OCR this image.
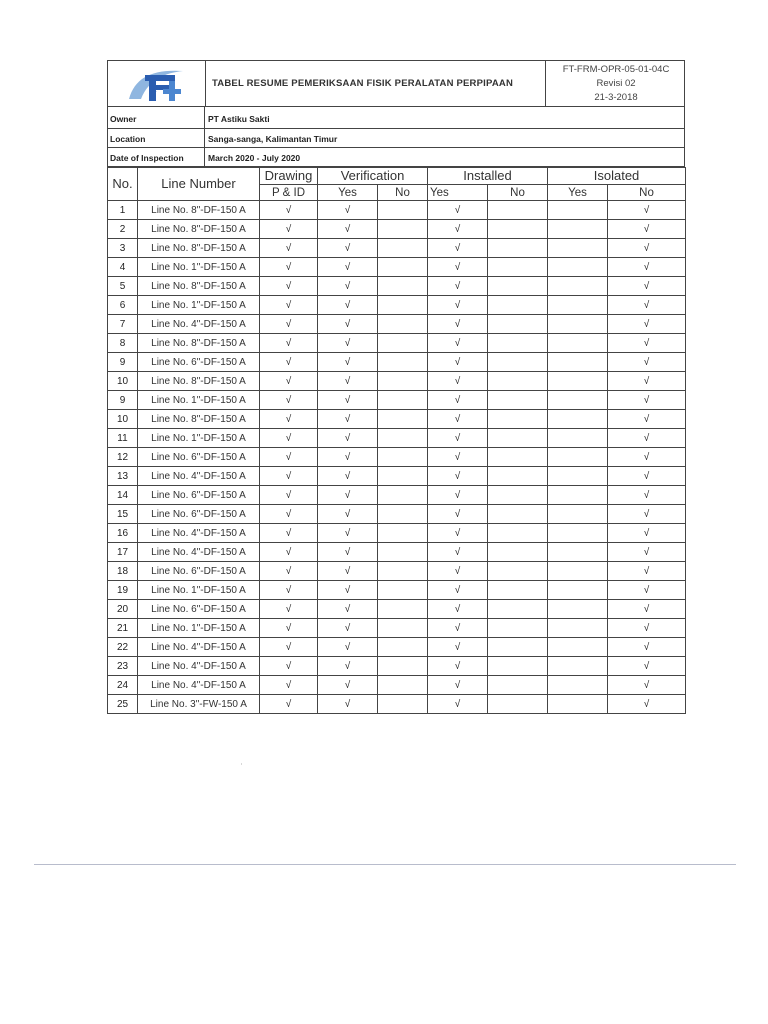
Ft
TABEL RESUME PEMERIKSAAN FISIK PERALATAN PERPIPAAN
FT-FRM-OPR-05-01-04C
Revisi 02
21-3-2018
Owner	PT Astiku Sakti
Location	Sanga-sanga, Kalimantan Timur
Date of Inspection	March 2020 - July 2020
No.	Line Number	Drawing	Verification		Installed		Isolated	
		P & ID	Yes	No	Yes	No	Yes	No
1	Line No. 8"-DF-150 A	√	√		√			√
2	Line No. 8"-DF-150 A	√	√		√			√
3	Line No. 8"-DF-150 A	√	√		√			√
4	Line No. 1"-DF-150 A	√	√		√			√
5	Line No. 8"-DF-150 A	√	√		√			√
6	Line No. 1"-DF-150 A	√	√		√			√
7	Line No. 4"-DF-150 A	√	√		√			√
8	Line No. 8"-DF-150 A	√	√		√			√
9	Line No. 6"-DF-150 A	√	√		√			√
10	Line No. 8"-DF-150 A	√	√		√			√
9	Line No. 1"-DF-150 A	√	√		√			√
10	Line No. 8"-DF-150 A	√	√		√			√
11	Line No. 1"-DF-150 A	√	√		√			√
12	Line No. 6"-DF-150 A	√	√		√			√
13	Line No. 4"-DF-150 A	√	√		√			√
14	Line No. 6"-DF-150 A	√	√		√			√
15	Line No. 6"-DF-150 A	√	√		√			√
16	Line No. 4"-DF-150 A	√	√		√			√
17	Line No. 4"-DF-150 A	√	√		√			√
18	Line No. 6"-DF-150 A	√	√		√			√
19	Line No. 1"-DF-150 A	√	√		√			√
20	Line No. 6"-DF-150 A	√	√		√			√
21	Line No. 1"-DF-150 A	√	√		√			√
22	Line No. 4"-DF-150 A	√	√		√			√
23	Line No. 4"-DF-150 A	√	√		√			√
24	Line No. 4"-DF-150 A	√	√		√			√
25	Line No. 3"-FW-150 A	√	√		√			√
